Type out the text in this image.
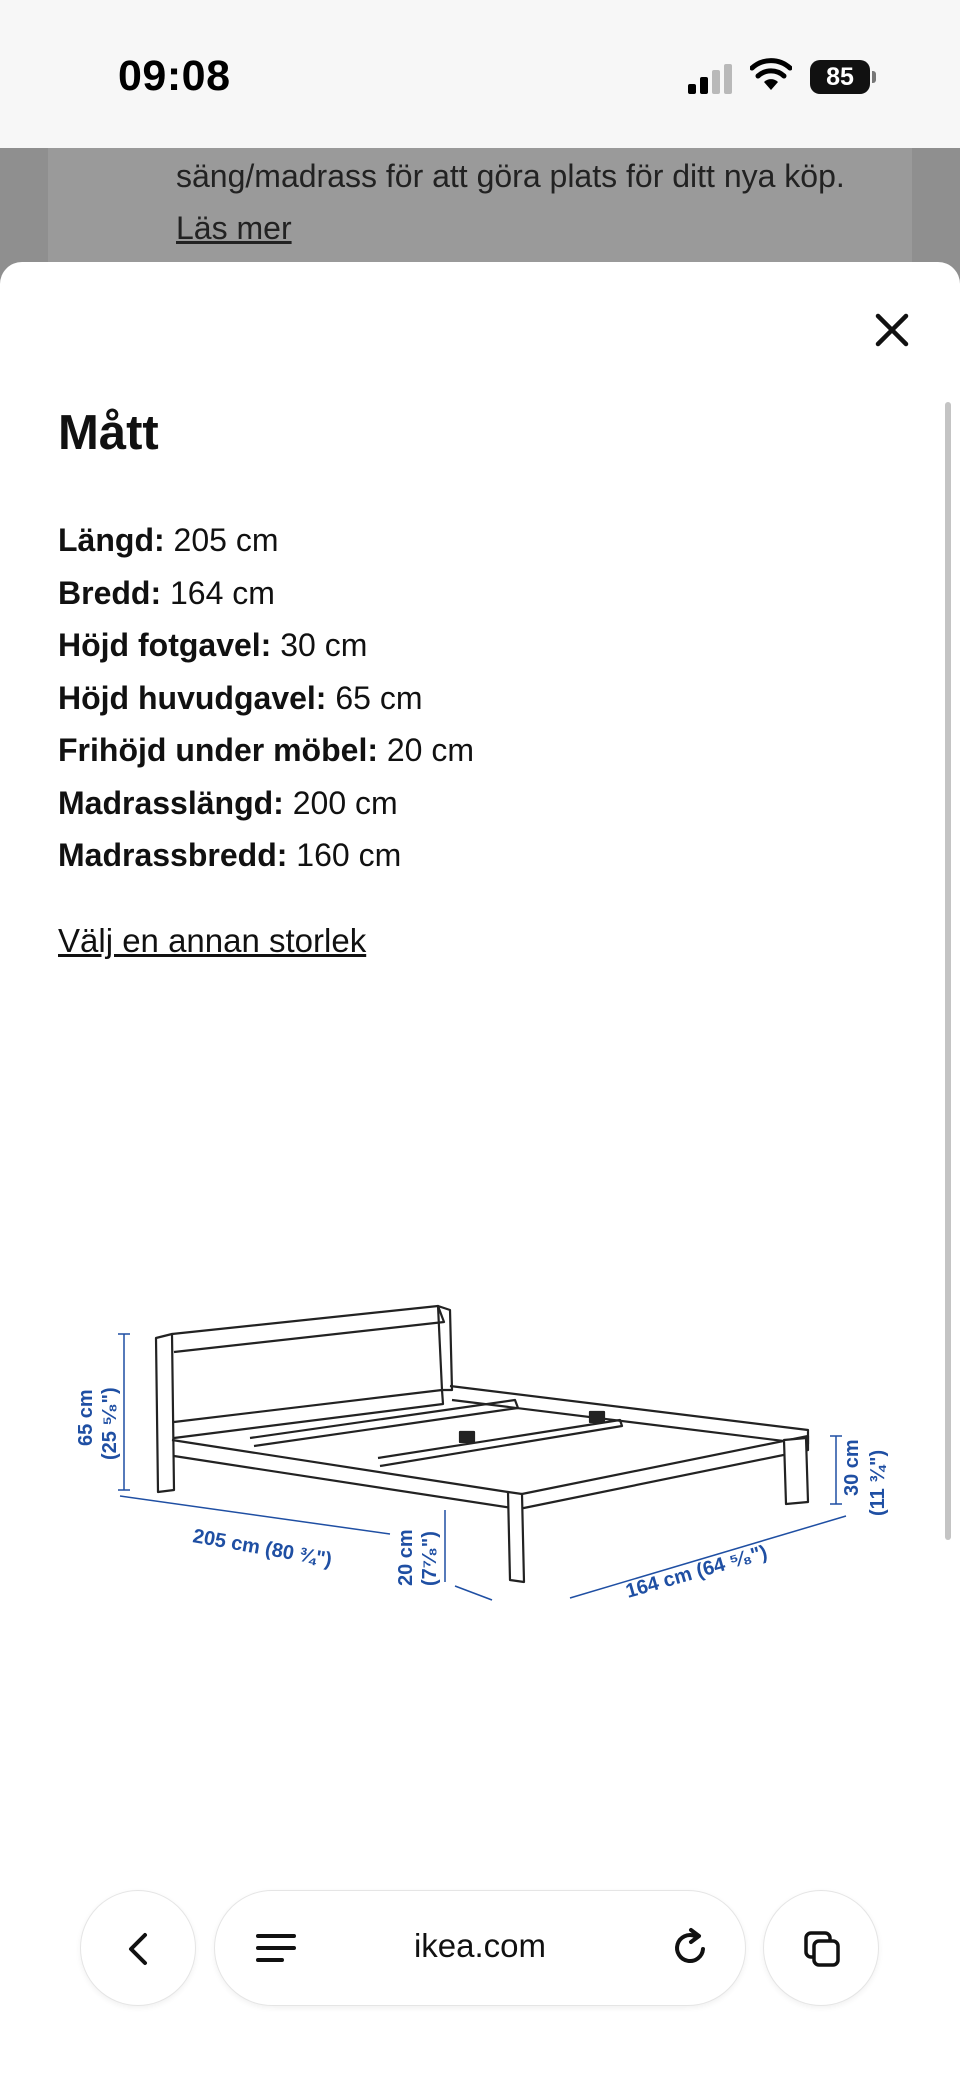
09:08	85
säng/madrass för att göra plats för ditt nya köp. Läs mer
Mått
Längd: 205 cm
Bredd: 164 cm
Höjd fotgavel: 30 cm
Höjd huvudgavel: 65 cm
Frihöjd under möbel: 20 cm
Madrasslängd: 200 cm
Madrassbredd: 160 cm
Välj en annan storlek
65 cm (25 ⁵⁄₈")
205 cm (80 ¾")	20 cm (7⁷⁄₈")	164 cm (64 ⁵⁄₈")
30 cm (11 ¾")
ikea.com
